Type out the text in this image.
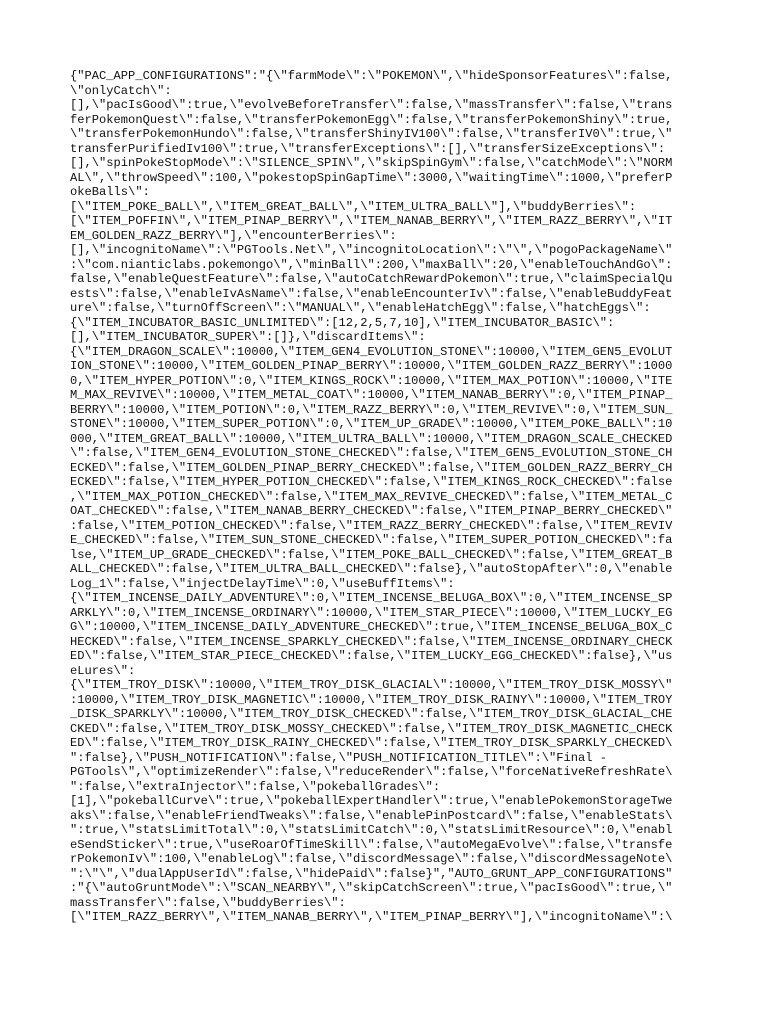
{"PAC_APP_CONFIGURATIONS":"{\"farmMode\":\"POKEMON\",\"hideSponsorFeatures\":false,
\"onlyCatch\":
[],\"pacIsGood\":true,\"evolveBeforeTransfer\":false,\"massTransfer\":false,\"trans
ferPokemonQuest\":false,\"transferPokemonEgg\":false,\"transferPokemonShiny\":true,
\"transferPokemonHundo\":false,\"transferShinyIV100\":false,\"transferIV0\":true,\"
transferPurifiedIv100\":true,\"transferExceptions\":[],\"transferSizeExceptions\":
[],\"spinPokeStopMode\":\"SILENCE_SPIN\",\"skipSpinGym\":false,\"catchMode\":\"NORM
AL\",\"throwSpeed\":100,\"pokestopSpinGapTime\":3000,\"waitingTime\":1000,\"preferP
okeBalls\":
[\"ITEM_POKE_BALL\",\"ITEM_GREAT_BALL\",\"ITEM_ULTRA_BALL\"],\"buddyBerries\":
[\"ITEM_POFFIN\",\"ITEM_PINAP_BERRY\",\"ITEM_NANAB_BERRY\",\"ITEM_RAZZ_BERRY\",\"IT
EM_GOLDEN_RAZZ_BERRY\"],\"encounterBerries\":
[],\"incognitoName\":\"PGTools.Net\",\"incognitoLocation\":\"\",\"pogoPackageName\"
:\"com.nianticlabs.pokemongo\",\"minBall\":200,\"maxBall\":20,\"enableTouchAndGo\":
false,\"enableQuestFeature\":false,\"autoCatchRewardPokemon\":true,\"claimSpecialQu
ests\":false,\"enableIvAsName\":false,\"enableEncounterIv\":false,\"enableBuddyFeat
ure\":false,\"turnOffScreen\":\"MANUAL\",\"enableHatchEgg\":false,\"hatchEggs\":
{\"ITEM_INCUBATOR_BASIC_UNLIMITED\":[12,2,5,7,10],\"ITEM_INCUBATOR_BASIC\":
[],\"ITEM_INCUBATOR_SUPER\":[]},\"discardItems\":
{\"ITEM_DRAGON_SCALE\":10000,\"ITEM_GEN4_EVOLUTION_STONE\":10000,\"ITEM_GEN5_EVOLUT
ION_STONE\":10000,\"ITEM_GOLDEN_PINAP_BERRY\":10000,\"ITEM_GOLDEN_RAZZ_BERRY\":1000
0,\"ITEM_HYPER_POTION\":0,\"ITEM_KINGS_ROCK\":10000,\"ITEM_MAX_POTION\":10000,\"ITE
M_MAX_REVIVE\":10000,\"ITEM_METAL_COAT\":10000,\"ITEM_NANAB_BERRY\":0,\"ITEM_PINAP_
BERRY\":10000,\"ITEM_POTION\":0,\"ITEM_RAZZ_BERRY\":0,\"ITEM_REVIVE\":0,\"ITEM_SUN_
STONE\":10000,\"ITEM_SUPER_POTION\":0,\"ITEM_UP_GRADE\":10000,\"ITEM_POKE_BALL\":10
000,\"ITEM_GREAT_BALL\":10000,\"ITEM_ULTRA_BALL\":10000,\"ITEM_DRAGON_SCALE_CHECKED
\":false,\"ITEM_GEN4_EVOLUTION_STONE_CHECKED\":false,\"ITEM_GEN5_EVOLUTION_STONE_CH
ECKED\":false,\"ITEM_GOLDEN_PINAP_BERRY_CHECKED\":false,\"ITEM_GOLDEN_RAZZ_BERRY_CH
ECKED\":false,\"ITEM_HYPER_POTION_CHECKED\":false,\"ITEM_KINGS_ROCK_CHECKED\":false
,\"ITEM_MAX_POTION_CHECKED\":false,\"ITEM_MAX_REVIVE_CHECKED\":false,\"ITEM_METAL_C
OAT_CHECKED\":false,\"ITEM_NANAB_BERRY_CHECKED\":false,\"ITEM_PINAP_BERRY_CHECKED\"
:false,\"ITEM_POTION_CHECKED\":false,\"ITEM_RAZZ_BERRY_CHECKED\":false,\"ITEM_REVIV
E_CHECKED\":false,\"ITEM_SUN_STONE_CHECKED\":false,\"ITEM_SUPER_POTION_CHECKED\":fa
lse,\"ITEM_UP_GRADE_CHECKED\":false,\"ITEM_POKE_BALL_CHECKED\":false,\"ITEM_GREAT_B
ALL_CHECKED\":false,\"ITEM_ULTRA_BALL_CHECKED\":false},\"autoStopAfter\":0,\"enable
Log_1\":false,\"injectDelayTime\":0,\"useBuffItems\":
{\"ITEM_INCENSE_DAILY_ADVENTURE\":0,\"ITEM_INCENSE_BELUGA_BOX\":0,\"ITEM_INCENSE_SP
ARKLY\":0,\"ITEM_INCENSE_ORDINARY\":10000,\"ITEM_STAR_PIECE\":10000,\"ITEM_LUCKY_EG
G\":10000,\"ITEM_INCENSE_DAILY_ADVENTURE_CHECKED\":true,\"ITEM_INCENSE_BELUGA_BOX_C
HECKED\":false,\"ITEM_INCENSE_SPARKLY_CHECKED\":false,\"ITEM_INCENSE_ORDINARY_CHECK
ED\":false,\"ITEM_STAR_PIECE_CHECKED\":false,\"ITEM_LUCKY_EGG_CHECKED\":false},\"us
eLures\":
{\"ITEM_TROY_DISK\":10000,\"ITEM_TROY_DISK_GLACIAL\":10000,\"ITEM_TROY_DISK_MOSSY\"
:10000,\"ITEM_TROY_DISK_MAGNETIC\":10000,\"ITEM_TROY_DISK_RAINY\":10000,\"ITEM_TROY
_DISK_SPARKLY\":10000,\"ITEM_TROY_DISK_CHECKED\":false,\"ITEM_TROY_DISK_GLACIAL_CHE
CKED\":false,\"ITEM_TROY_DISK_MOSSY_CHECKED\":false,\"ITEM_TROY_DISK_MAGNETIC_CHECK
ED\":false,\"ITEM_TROY_DISK_RAINY_CHECKED\":false,\"ITEM_TROY_DISK_SPARKLY_CHECKED\
":false},\"PUSH_NOTIFICATION\":false,\"PUSH_NOTIFICATION_TITLE\":\"Final -
PGTools\",\"optimizeRender\":false,\"reduceRender\":false,\"forceNativeRefreshRate\
":false,\"extraInjector\":false,\"pokeballGrades\":
[1],\"pokeballCurve\":true,\"pokeballExpertHandler\":true,\"enablePokemonStorageTwe
aks\":false,\"enableFriendTweaks\":false,\"enablePinPostcard\":false,\"enableStats\
":true,\"statsLimitTotal\":0,\"statsLimitCatch\":0,\"statsLimitResource\":0,\"enabl
eSendSticker\":true,\"useRoarOfTimeSkill\":false,\"autoMegaEvolve\":false,\"transfe
rPokemonIv\":100,\"enableLog\":false,\"discordMessage\":false,\"discordMessageNote\
":\"\",\"dualAppUserId\":false,\"hidePaid\":false}","AUTO_GRUNT_APP_CONFIGURATIONS"
:"{\"autoGruntMode\":\"SCAN_NEARBY\",\"skipCatchScreen\":true,\"pacIsGood\":true,\"
massTransfer\":false,\"buddyBerries\":
[\"ITEM_RAZZ_BERRY\",\"ITEM_NANAB_BERRY\",\"ITEM_PINAP_BERRY\"],\"incognitoName\":\
